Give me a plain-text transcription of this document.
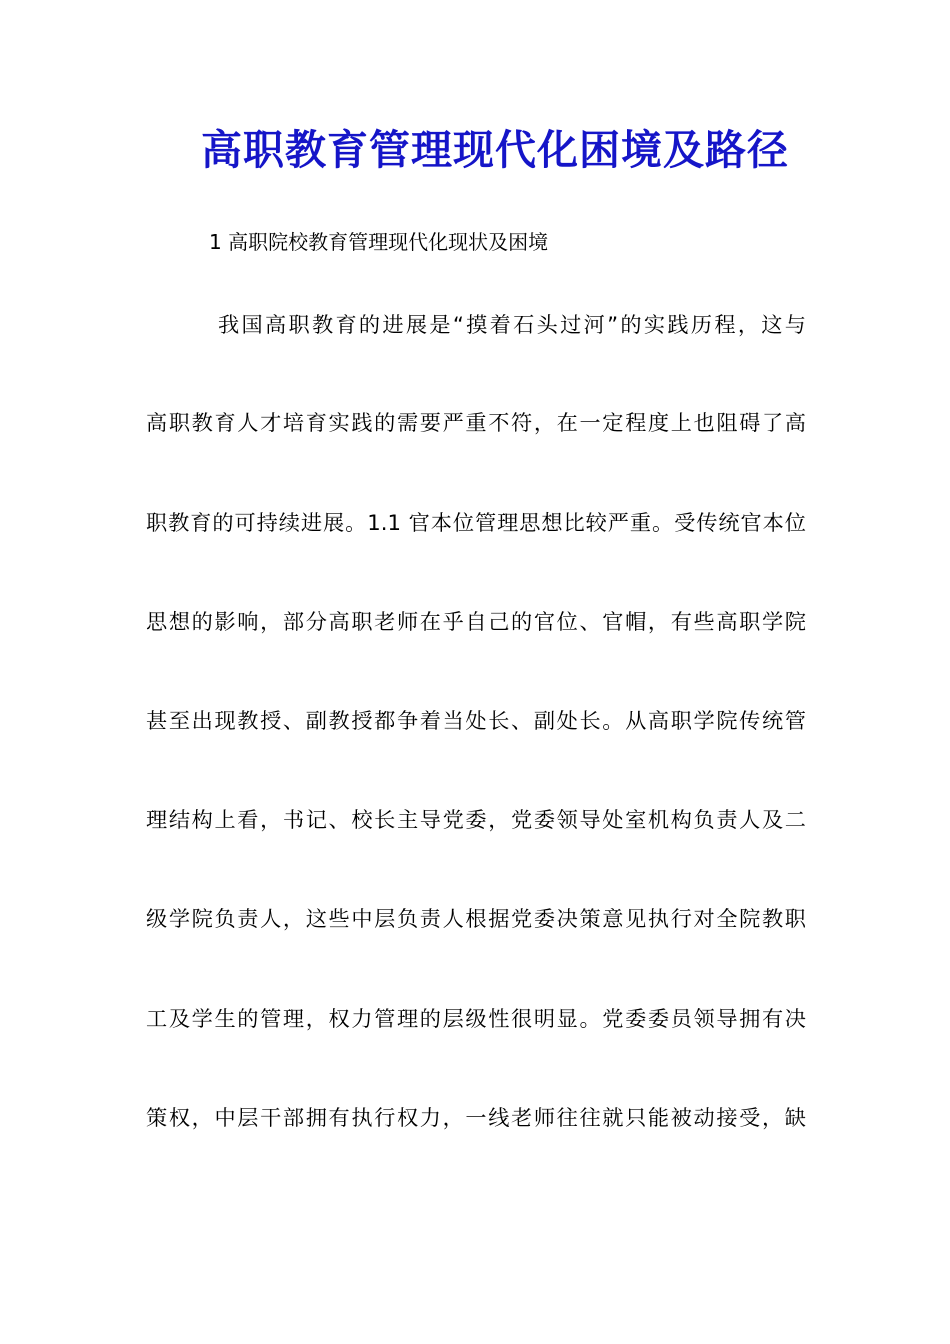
高职教育管理现代化困境及路径
1 高职院校教育管理现代化现状及困境

我国高职教育的进展是“摸着石头过河”的实践历程，这与

高职教育人才培育实践的需要严重不符，在一定程度上也阻碍了高

职教育的可持续进展。1.1 官本位管理思想比较严重。受传统官本位

思想的影响，部分高职老师在乎自己的官位、官帽，有些高职学院

甚至出现教授、副教授都争着当处长、副处长。从高职学院传统管

理结构上看，书记、校长主导党委，党委领导处室机构负责人及二

级学院负责人，这些中层负责人根据党委决策意见执行对全院教职

工及学生的管理，权力管理的层级性很明显。党委委员领导拥有决

策权，中层干部拥有执行权力，一线老师往往就只能被动接受，缺
